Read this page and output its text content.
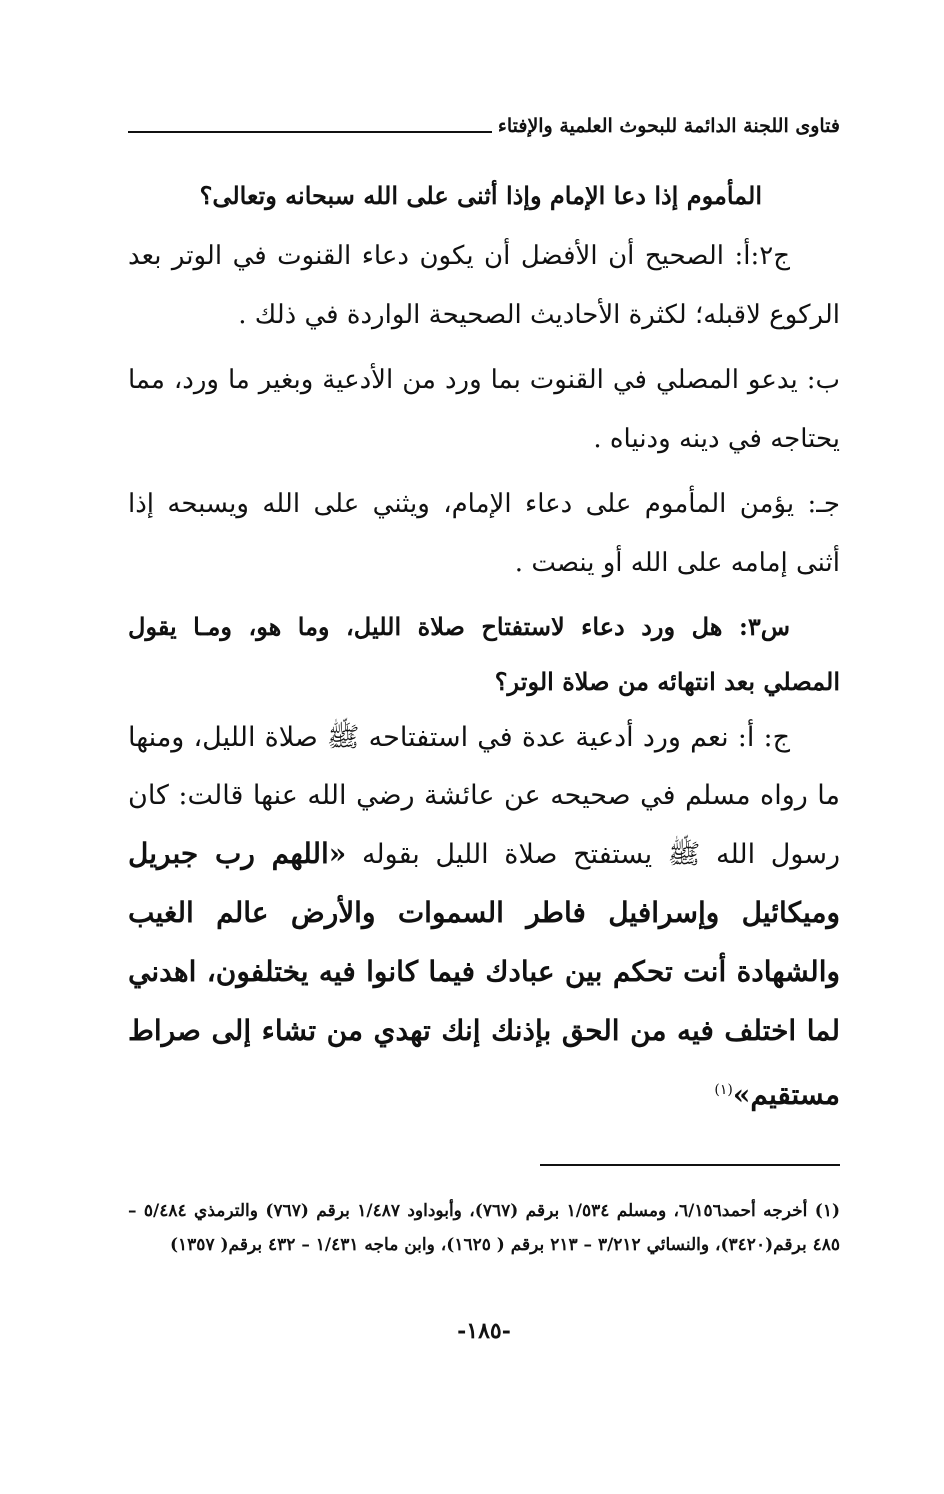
فتاوى اللجنة الدائمة للبحوث العلمية والإفتاء

المأموم إذا دعا الإمام وإذا أثنى على الله سبحانه وتعالى؟

ج٢:أ: الصحيح أن الأفضل أن يكون دعاء القنوت في الوتر بعد الركوع لاقبله؛ لكثرة الأحاديث الصحيحة الواردة في ذلك .

ب: يدعو المصلي في القنوت بما ورد من الأدعية وبغير ما ورد، مما يحتاجه في دينه ودنياه .

جـ: يؤمن المأموم على دعاء الإمام، ويثني على الله ويسبحه إذا أثنى إمامه على الله أو ينصت .

س٣: هل ورد دعاء لاستفتاح صلاة الليل، وما هو، ومـا يقول المصلي بعد انتهائه من صلاة الوتر؟

ج: أ: نعم ورد أدعية عدة في استفتاحه ﷺ صلاة الليل، ومنها ما رواه مسلم في صحيحه عن عائشة رضي الله عنها قالت: كان رسول الله ﷺ يستفتح صلاة الليل بقوله «اللهم رب جبريل وميكائيل وإسرافيل فاطر السموات والأرض عالم الغيب والشهادة أنت تحكم بين عبادك فيما كانوا فيه يختلفون، اهدني لما اختلف فيه من الحق بإذنك إنك تهدي من تشاء إلى صراط مستقيم»$^{(١)}$

(١) أخرجه أحمد٦/١٥٦، ومسلم ١/٥٣٤ برقم (٧٦٧)، وأبوداود ١/٤٨٧ برقم (٧٦٧) والترمذي ٥/٤٨٤ – ٤٨٥ برقم(٣٤٢٠)، والنسائي ٣/٢١٢ – ٢١٣ برقم ( ١٦٢٥)، وابن ماجه ١/٤٣١ – ٤٣٢ برقم( ١٣٥٧)

-١٨٥-
